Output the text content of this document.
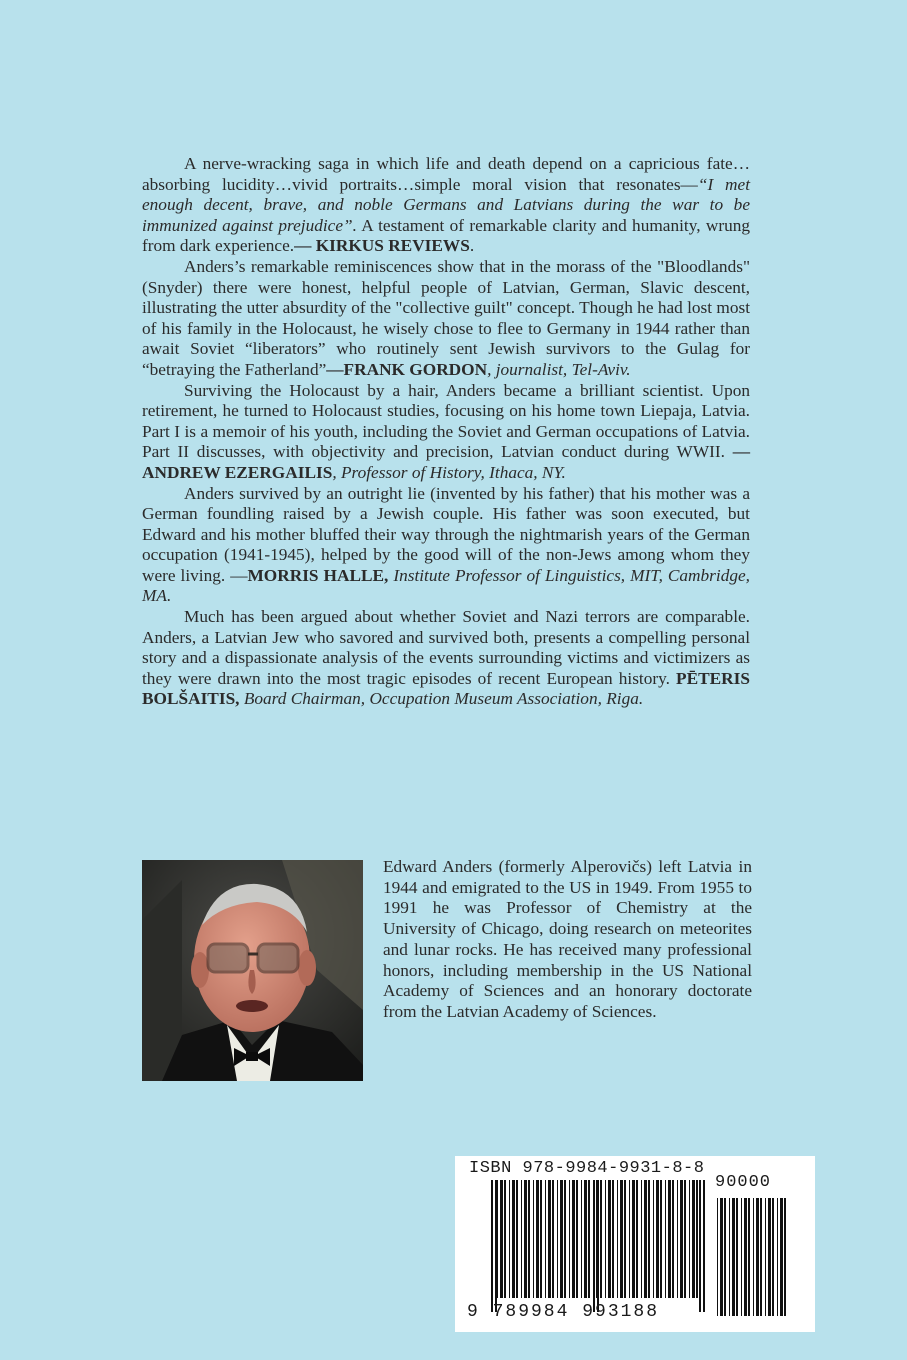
A nerve-wracking saga in which life and death depend on a capricious fate…absorbing lucidity…vivid portraits…simple moral vision that resonates—“I met enough decent, brave, and noble Germans and Latvians during the war to be immunized against prejudice”. A testament of remarkable clarity and humanity, wrung from dark experience.— KIRKUS REVIEWS.

Anders’s remarkable reminiscences show that in the morass of the "Bloodlands" (Snyder) there were honest, helpful people of Latvian, German, Slavic descent, illustrating the utter absurdity of the "collective guilt" concept. Though he had lost most of his family in the Holocaust, he wisely chose to flee to Germany in 1944 rather than await Soviet “liberators” who routinely sent Jewish survivors to the Gulag for “betraying the Fatherland”—FRANK GORDON, journalist, Tel-Aviv.

Surviving the Holocaust by a hair, Anders became a brilliant scientist. Upon retirement, he turned to Holocaust studies, focusing on his home town Liepaja, Latvia. Part I is a memoir of his youth, including the Soviet and German occupations of Latvia. Part II discusses, with objectivity and precision, Latvian conduct during WWII. —ANDREW EZERGAILIS, Professor of History, Ithaca, NY.

Anders survived by an outright lie (invented by his father) that his mother was a German foundling raised by a Jewish couple. His father was soon executed, but Edward and his mother bluffed their way through the nightmarish years of the German occupation (1941-1945), helped by the good will of the non-Jews among whom they were living. —MORRIS HALLE, Institute Professor of Linguistics, MIT, Cambridge, MA.

Much has been argued about whether Soviet and Nazi terrors are comparable. Anders, a Latvian Jew who savored and survived both, presents a compelling personal story and a dispassionate analysis of the events surrounding victims and victimizers as they were drawn into the most tragic episodes of recent European history. PĒTERIS BOLŠAITIS, Board Chairman, Occupation Museum Association, Riga.

Edward Anders (formerly Alperovičs) left Latvia in 1944 and emigrated to the US in 1949. From 1955 to 1991 he was Professor of Chemistry at the University of Chicago, doing research on meteorites and lunar rocks. He has received many professional honors, including membership in the US National Academy of Sciences and an honorary doctorate from the Latvian Academy of Sciences.
ISBN 978-9984-9931-8-8
90000
9 789984 993188
